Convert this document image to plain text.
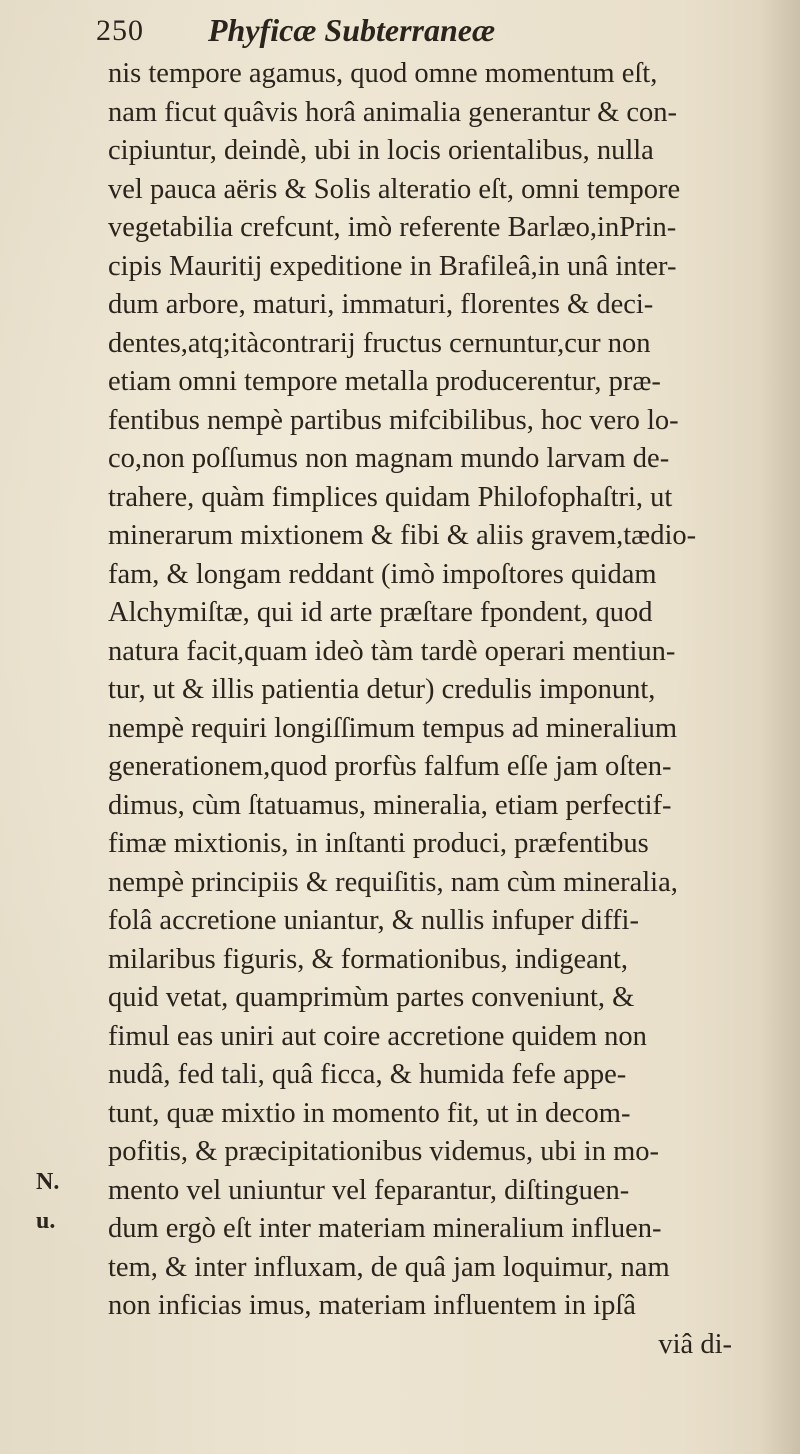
250 Phyficæ Subterraneæ
nis tempore agamus, quod omne momentum eſt,
nam ficut quâvis horâ animalia generantur & con-
cipiuntur, deindè, ubi in locis orientalibus, nulla
vel pauca aëris & Solis alteratio eſt, omni tempore
vegetabilia crefcunt, imò referente Barlæo,inPrin-
cipis Mauritij expeditione in Brafileâ,in unâ inter-
dum arbore, maturi, immaturi, florentes & deci-
dentes,atq;itàcontrarij fructus cernuntur,cur non
etiam omni tempore metalla producerentur, præ-
fentibus nempè partibus mifcibilibus, hoc vero lo-
co,non poſſumus non magnam mundo larvam de-
trahere, quàm fimplices quidam Philofophaſtri, ut
minerarum mixtionem & fibi & aliis gravem,tædio-
fam, & longam reddant (imò impoſtores quidam
Alchymiſtæ, qui id arte præſtare fpondent, quod
natura facit,quam ideò tàm tardè operari mentiun-
tur, ut & illis patientia detur) credulis imponunt,
nempè requiri longiſſimum tempus ad mineralium
generationem,quod prorfùs falfum eſſe jam oſten-
dimus, cùm ſtatuamus, mineralia, etiam perfectif-
fimæ mixtionis, in inſtanti produci, præfentibus
nempè principiis & requiſitis, nam cùm mineralia,
folâ accretione uniantur, & nullis infuper diffi-
milaribus figuris, & formationibus, indigeant,
quid vetat, quamprimùm partes conveniunt, &
fimul eas uniri aut coire accretione quidem non
nudâ, fed tali, quâ ficca, & humida fefe appe-
tunt, quæ mixtio in momento fit, ut in decom-
pofitis, & præcipitationibus videmus, ubi in mo-
mento vel uniuntur vel feparantur, diſtinguen-
dum ergò eſt inter materiam mineralium influen-
tem, & inter influxam, de quâ jam loquimur, nam
non inficias imus, materiam influentem in ipſâ
viâ di-
N.
u.
